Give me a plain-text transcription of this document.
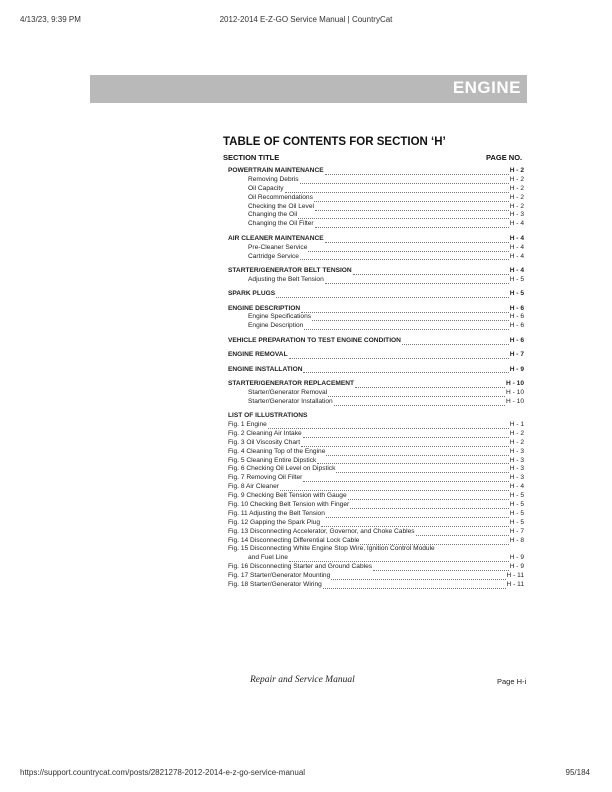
4/13/23, 9:39 PM	2012-2014 E-Z-GO Service Manual | CountryCat
ENGINE
TABLE OF CONTENTS FOR SECTION ‘H’
SECTION TITLE	PAGE NO.
POWERTRAIN MAINTENANCE	H - 2
Removing Debris	H - 2
Oil Capacity	H - 2
Oil Recommendations	H - 2
Checking the Oil Level	H - 2
Changing the Oil	H - 3
Changing the Oil Filter	H - 4
AIR CLEANER MAINTENANCE	H - 4
Pre-Cleaner Service	H - 4
Cartridge Service	H - 4
STARTER/GENERATOR BELT TENSION	H - 4
Adjusting the Belt Tension	H - 5
SPARK PLUGS	H - 5
ENGINE DESCRIPTION	H - 6
Engine Specifications	H - 6
Engine Description	H - 6
VEHICLE PREPARATION TO TEST ENGINE CONDITION	H - 6
ENGINE REMOVAL	H - 7
ENGINE INSTALLATION	H - 9
STARTER/GENERATOR REPLACEMENT	H - 10
Starter/Generator Removal	H - 10
Starter/Generator Installation	H - 10
LIST OF ILLUSTRATIONS
Fig. 1 Engine	H - 1
Fig. 2 Cleaning Air Intake	H - 2
Fig. 3 Oil Viscosity Chart	H - 2
Fig. 4 Cleaning Top of the Engine	H - 3
Fig. 5 Cleaning Entire Dipstick	H - 3
Fig. 6 Checking Oil Level on Dipstick	H - 3
Fig. 7 Removing Oil Filter	H - 3
Fig. 8 Air Cleaner	H - 4
Fig. 9 Checking Belt Tension with Gauge	H - 5
Fig. 10 Checking Belt Tension with Finger	H - 5
Fig. 11 Adjusting the Belt Tension	H - 5
Fig. 12 Gapping the Spark Plug	H - 5
Fig. 13 Disconnecting Accelerator, Governor, and Choke Cables	H - 7
Fig. 14 Disconnecting Differential Lock Cable	H - 8
Fig. 15 Disconnecting White Engine Stop Wire, Ignition Control Module
and Fuel Line	H - 9
Fig. 16 Disconnecting Starter and Ground Cables	H - 9
Fig. 17 Starter/Generator Mounting	H - 11
Fig. 18 Starter/Generator Wiring	H - 11
Repair and Service Manual	Page H-i
https://support.countrycat.com/posts/2821278-2012-2014-e-z-go-service-manual	95/184
